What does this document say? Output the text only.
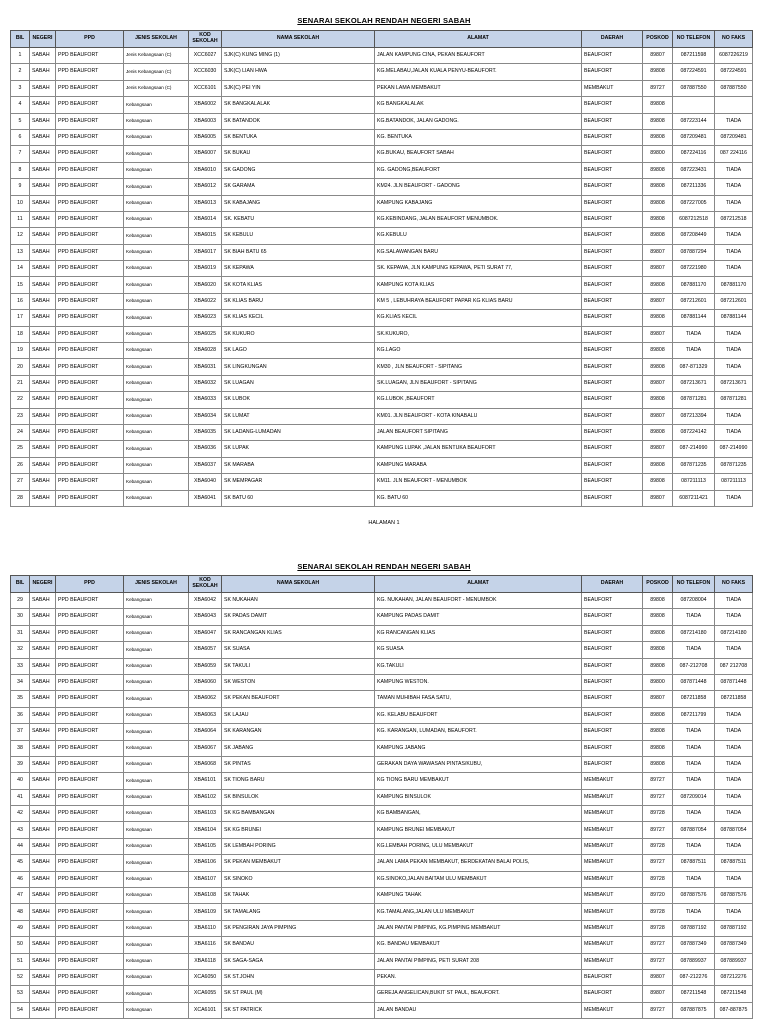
SENARAI SEKOLAH RENDAH NEGERI SABAH
BIL	NEGERI	PPD	JENIS SEKOLAH	KOD SEKOLAH	NAMA SEKOLAH	ALAMAT	DAERAH	POSKOD	NO TELEFON	NO FAKS
1	SABAH	PPD BEAUFORT	Jenis Kebangsaan (C)	XCC6027	SJK(C) KUNG MING (1)	JALAN KAMPUNG CINA, PEKAN BEAUFORT	BEAUFORT	89807	087211598	6087226219
2	SABAH	PPD BEAUFORT	Jenis Kebangsaan (C)	XCC6030	SJK(C) LIAN HWA	KG.MELABAU,JALAN KUALA PENYU-BEAUFORT.	BEAUFORT	89808	087224591	087224591
3	SABAH	PPD BEAUFORT	Jenis Kebangsaan (C)	XCC6101	SJK(C) PEI YIN	PEKAN LAMA MEMBAKUT	MEMBAKUT	89727	087887550	087887550
4	SABAH	PPD BEAUFORT	Kebangsaan	XBA6002	SK BANGKALALAK	KG BANGKALALAK	BEAUFORT	89808		
5	SABAH	PPD BEAUFORT	Kebangsaan	XBA6003	SK BATANDOK	KG.BATANDOK, JALAN GADONG.	BEAUFORT	89808	087223144	TIADA
6	SABAH	PPD BEAUFORT	Kebangsaan	XBA6005	SK BENTUKA	KG. BENTUKA	BEAUFORT	89808	087209481	087209481
7	SABAH	PPD BEAUFORT	Kebangsaan	XBA6007	SK BUKAU	KG.BUKAU, BEAUFORT SABAH	BEAUFORT	89800	087224116	087 224116
8	SABAH	PPD BEAUFORT	Kebangsaan	XBA6010	SK GADONG	KG. GADONG,BEAUFORT	BEAUFORT	89808	087223431	TIADA
9	SABAH	PPD BEAUFORT	Kebangsaan	XBA6012	SK GARAMA	KM24. JLN BEAUFORT - GADONG	BEAUFORT	89808	087211336	TIADA
10	SABAH	PPD BEAUFORT	Kebangsaan	XBA6013	SK KABAJANG	KAMPUNG KABAJANG	BEAUFORT	89808	087227005	TIADA
11	SABAH	PPD BEAUFORT	Kebangsaan	XBA6014	SK. KEBATU	KG.KEBINDANG, JALAN BEAUFORT MENUMBOK.	BEAUFORT	89808	6087212518	087212518
12	SABAH	PPD BEAUFORT	Kebangsaan	XBA6015	SK KEBULU	KG.KEBULU	BEAUFORT	89808	087208449	TIADA
13	SABAH	PPD BEAUFORT	Kebangsaan	XBA6017	SK BIAH BATU 65	KG.SALAWANGAN BARU	BEAUFORT	89807	087887294	TIADA
14	SABAH	PPD BEAUFORT	Kebangsaan	XBA6019	SK KEPAWA	SK. KEPAWA, JLN KAMPUNG KEPAWA, PETI SURAT 77,	BEAUFORT	89807	087221980	TIADA
15	SABAH	PPD BEAUFORT	Kebangsaan	XBA6020	SK KOTA KLIAS	KAMPUNG KOTA KLIAS	BEAUFORT	89808	087881170	087881170
16	SABAH	PPD BEAUFORT	Kebangsaan	XBA6022	SK KLIAS BARU	KM 5 , LEBUHRAYA BEAUFORT PAPAR KG KLIAS BARU	BEAUFORT	89807	087212601	087212601
17	SABAH	PPD BEAUFORT	Kebangsaan	XBA6023	SK KLIAS KECIL	KG.KLIAS KECIL	BEAUFORT	89808	087881144	087881144
18	SABAH	PPD BEAUFORT	Kebangsaan	XBA6025	SK KUKURO	SK.KUKURO,	BEAUFORT	89807	TIADA	TIADA
19	SABAH	PPD BEAUFORT	Kebangsaan	XBA6028	SK LAGO	KG.LAGO	BEAUFORT	89808	TIADA	TIADA
20	SABAH	PPD BEAUFORT	Kebangsaan	XBA6031	SK LINGKUNGAN	KM30 , JLN BEAUFORT - SIPITANG	BEAUFORT	89808	087-871329	TIADA
21	SABAH	PPD BEAUFORT	Kebangsaan	XBA6032	SK LUAGAN	SK.LUAGAN, JLN BEAUFORT - SIPITANG	BEAUFORT	89807	087213671	087213671
22	SABAH	PPD BEAUFORT	Kebangsaan	XBA6033	SK LUBOK	KG.LUBOK ,BEAUFORT	BEAUFORT	89808	087871281	087871281
23	SABAH	PPD BEAUFORT	Kebangsaan	XBA6034	SK LUMAT	KM01. JLN BEAUFORT - KOTA KINABALU	BEAUFORT	89807	087213394	TIADA
24	SABAH	PPD BEAUFORT	Kebangsaan	XBA6035	SK LADANG-LUMADAN	JALAN BEAUFORT SIPITANG	BEAUFORT	89808	087224142	TIADA
25	SABAH	PPD BEAUFORT	Kebangsaan	XBA6036	SK LUPAK	KAMPUNG LUPAK ,JALAN BENTUKA BEAUFORT	BEAUFORT	89807	087-214990	087-214990
26	SABAH	PPD BEAUFORT	Kebangsaan	XBA6037	SK MARABA	KAMPUNG MARABA	BEAUFORT	89808	087871235	087871235
27	SABAH	PPD BEAUFORT	Kebangsaan	XBA6040	SK MEMPAGAR	KM11. JLN BEAUFORT - MENUMBOK	BEAUFORT	89808	087211113	087211113
28	SABAH	PPD BEAUFORT	Kebangsaan	XBA6041	SK BATU 60	KG. BATU 60	BEAUFORT	89807	6087211421	TIADA
HALAMAN 1
SENARAI SEKOLAH RENDAH NEGERI SABAH
BIL	NEGERI	PPD	JENIS SEKOLAH	KOD SEKOLAH	NAMA SEKOLAH	ALAMAT	DAERAH	POSKOD	NO TELEFON	NO FAKS
29	SABAH	PPD BEAUFORT	Kebangsaan	XBA6042	SK NUKAHAN	KG. NUKAHAN, JALAN BEAUFORT - MENUMBOK	BEAUFORT	89808	087208004	TIADA
30	SABAH	PPD BEAUFORT	Kebangsaan	XBA6043	SK PADAS DAMIT	KAMPUNG PADAS DAMIT	BEAUFORT	89808	TIADA	TIADA
31	SABAH	PPD BEAUFORT	Kebangsaan	XBA6047	SK RANCANGAN KLIAS	KG RANCANGAN KLIAS	BEAUFORT	89808	087214180	087214180
32	SABAH	PPD BEAUFORT	Kebangsaan	XBA6057	SK SUASA	KG SUASA	BEAUFORT	89808	TIADA	TIADA
33	SABAH	PPD BEAUFORT	Kebangsaan	XBA6059	SK TAKULI	KG.TAKULI	BEAUFORT	89808	087-212708	087 212708
34	SABAH	PPD BEAUFORT	Kebangsaan	XBA6060	SK WESTON	KAMPUNG WESTON.	BEAUFORT	89800	087871448	087871448
35	SABAH	PPD BEAUFORT	Kebangsaan	XBA6062	SK PEKAN BEAUFORT	TAMAN MUHIBAH FASA SATU,	BEAUFORT	89807	087211858	087211858
36	SABAH	PPD BEAUFORT	Kebangsaan	XBA6063	SK LAJAU	KG. KELABU BEAUFORT	BEAUFORT	89808	087211799	TIADA
37	SABAH	PPD BEAUFORT	Kebangsaan	XBA6064	SK KARANGAN	KG. KARANGAN, LUMADAN, BEAUFORT.	BEAUFORT	89808	TIADA	TIADA
38	SABAH	PPD BEAUFORT	Kebangsaan	XBA6067	SK JABANG	KAMPUNG JABANG	BEAUFORT	89808	TIADA	TIADA
39	SABAH	PPD BEAUFORT	Kebangsaan	XBA6068	SK PINTAS	GERAKAN DAYA WAWASAN PINTAS/KUBU,	BEAUFORT	89808	TIADA	TIADA
40	SABAH	PPD BEAUFORT	Kebangsaan	XBA6101	SK TIONG BARU	KG TIONG BARU MEMBAKUT	MEMBAKUT	89727	TIADA	TIADA
41	SABAH	PPD BEAUFORT	Kebangsaan	XBA6102	SK BINSULOK	KAMPUNG BINSULOK	MEMBAKUT	89727	087209014	TIADA
42	SABAH	PPD BEAUFORT	Kebangsaan	XBA6103	SK KG BAMBANGAN	KG BAMBANGAN,	MEMBAKUT	89728	TIADA	TIADA
43	SABAH	PPD BEAUFORT	Kebangsaan	XBA6104	SK KG BRUNEI	KAMPUNG BRUNEI MEMBAKUT	MEMBAKUT	89727	087887054	087887054
44	SABAH	PPD BEAUFORT	Kebangsaan	XBA6105	SK LEMBAH PORING	KG.LEMBAH PORING, ULU MEMBAKUT	MEMBAKUT	89728	TIADA	TIADA
45	SABAH	PPD BEAUFORT	Kebangsaan	XBA6106	SK PEKAN MEMBAKUT	JALAN LAMA PEKAN MEMBAKUT, BERDEKATAN BALAI POLIS,	MEMBAKUT	89727	087887511	087887511
46	SABAH	PPD BEAUFORT	Kebangsaan	XBA6107	SK SINOKO	KG.SINOKO,JALAN BAITAM ULU MEMBAKUT	MEMBAKUT	89728	TIADA	TIADA
47	SABAH	PPD BEAUFORT	Kebangsaan	XBA6108	SK TAHAK	KAMPUNG TAHAK	MEMBAKUT	89720	087887576	087887576
48	SABAH	PPD BEAUFORT	Kebangsaan	XBA6109	SK TAMALANG	KG.TAMALANG,JALAN ULU MEMBAKUT	MEMBAKUT	89728	TIADA	TIADA
49	SABAH	PPD BEAUFORT	Kebangsaan	XBA6110	SK PENGIRAN JAYA PIMPING	JALAN PANTAI PIMPING, KG.PIMPING MEMBAKUT	MEMBAKUT	89728	087887192	087887192
50	SABAH	PPD BEAUFORT	Kebangsaan	XBA6116	SK BANDAU	KG. BANDAU MEMBAKUT	MEMBAKUT	89727	087887349	087887349
51	SABAH	PPD BEAUFORT	Kebangsaan	XBA6118	SK SAGA-SAGA	JALAN PANTAI PIMPING, PETI SURAT 208	MEMBAKUT	89727	087889937	087889937
52	SABAH	PPD BEAUFORT	Kebangsaan	XCA6050	SK ST.JOHN	PEKAN.	BEAUFORT	89807	087-212276	087212276
53	SABAH	PPD BEAUFORT	Kebangsaan	XCA6055	SK ST PAUL (M)	GEREJA ANGELICAN,BUKIT ST PAUL, BEAUFORT.	BEAUFORT	89807	087211548	087211548
54	SABAH	PPD BEAUFORT	Kebangsaan	XCA6101	SK ST PATRICK	JALAN BANDAU	MEMBAKUT	89727	087887875	087-887875
